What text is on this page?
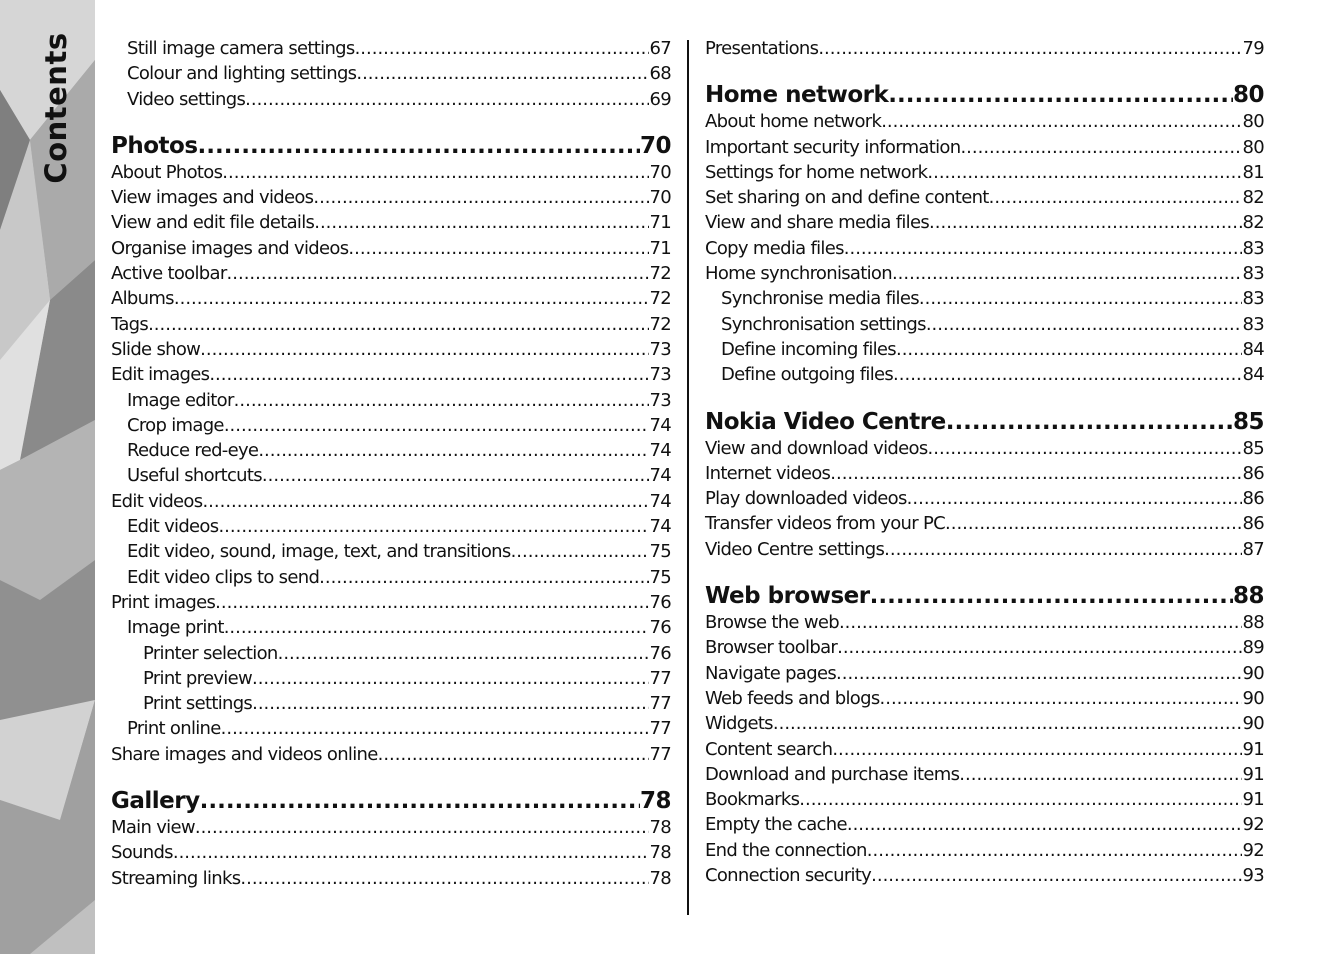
Contents	Still image camera settings .....	67
Colour and lighting settings .....	68
Video settings .....	69
Photos .....	70
About Photos .....	70
View images and videos .....	70
View and edit file details .....	71
Organise images and videos .....	71
Active toolbar .....	72
Albums .....	72
Tags .....	72
Slide show .....	73
Edit images .....	73
Image editor .....	73
Crop image .....	74
Reduce red-eye .....	74
Useful shortcuts .....	74
Edit videos .....	74
Edit videos .....	74
Edit video, sound, image, text, and transitions .....	75
Edit video clips to send .....	75
Print images .....	76
Image print .....	76
Printer selection .....	76
Print preview .....	77
Print settings .....	77
Print online .....	77
Share images and videos online .....	77
Gallery .....	78
Main view .....	78
Sounds .....	78
Streaming links .....	78
Presentations .....	79
Home network .....	80
About home network .....	80
Important security information .....	80
Settings for home network .....	81
Set sharing on and define content .....	82
View and share media files .....	82
Copy media files .....	83
Home synchronisation .....	83
Synchronise media files .....	83
Synchronisation settings .....	83
Define incoming files .....	84
Define outgoing files .....	84
Nokia Video Centre .....	85
View and download videos .....	85
Internet videos .....	86
Play downloaded videos .....	86
Transfer videos from your PC .....	86
Video Centre settings .....	87
Web browser .....	88
Browse the web .....	88
Browser toolbar .....	89
Navigate pages .....	90
Web feeds and blogs .....	90
Widgets .....	90
Content search .....	91
Download and purchase items .....	91
Bookmarks .....	91
Empty the cache .....	92
End the connection .....	92
Connection security .....	93
